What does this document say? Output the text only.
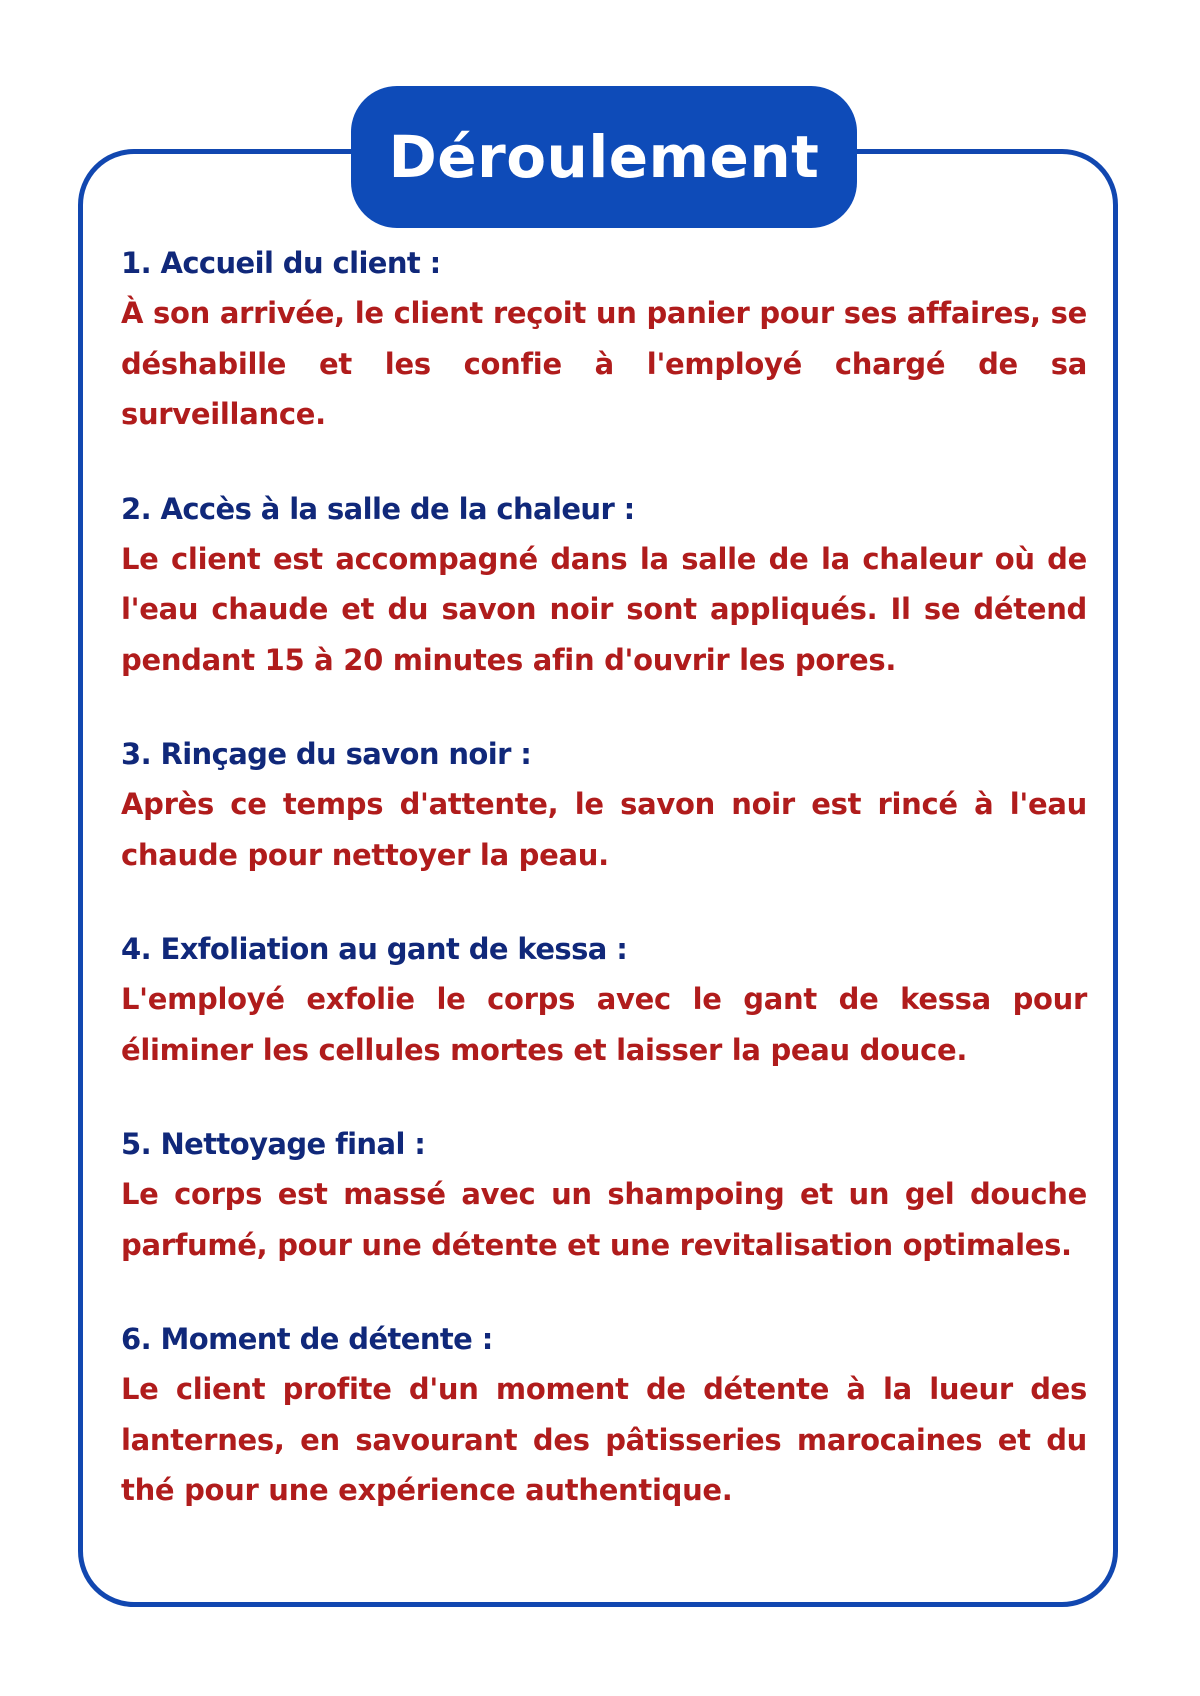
Déroulement

1. Accueil du client :

À son arrivée, le client reçoit un panier pour ses affaires, se déshabille et les confie à l'employé chargé de sa surveillance.

2. Accès à la salle de la chaleur :

Le client est accompagné dans la salle de la chaleur où de l'eau chaude et du savon noir sont appliqués. Il se détend pendant 15 à 20 minutes afin d'ouvrir les pores.

3. Rinçage du savon noir :

Après ce temps d'attente, le savon noir est rincé à l'eau chaude pour nettoyer la peau.

4. Exfoliation au gant de kessa :

L'employé exfolie le corps avec le gant de kessa pour éliminer les cellules mortes et laisser la peau douce.

5. Nettoyage final :

Le corps est massé avec un shampoing et un gel douche parfumé, pour une détente et une revitalisation optimales.

6. Moment de détente :

Le client profite d'un moment de détente à la lueur des lanternes, en savourant des pâtisseries marocaines et du thé pour une expérience authentique.
